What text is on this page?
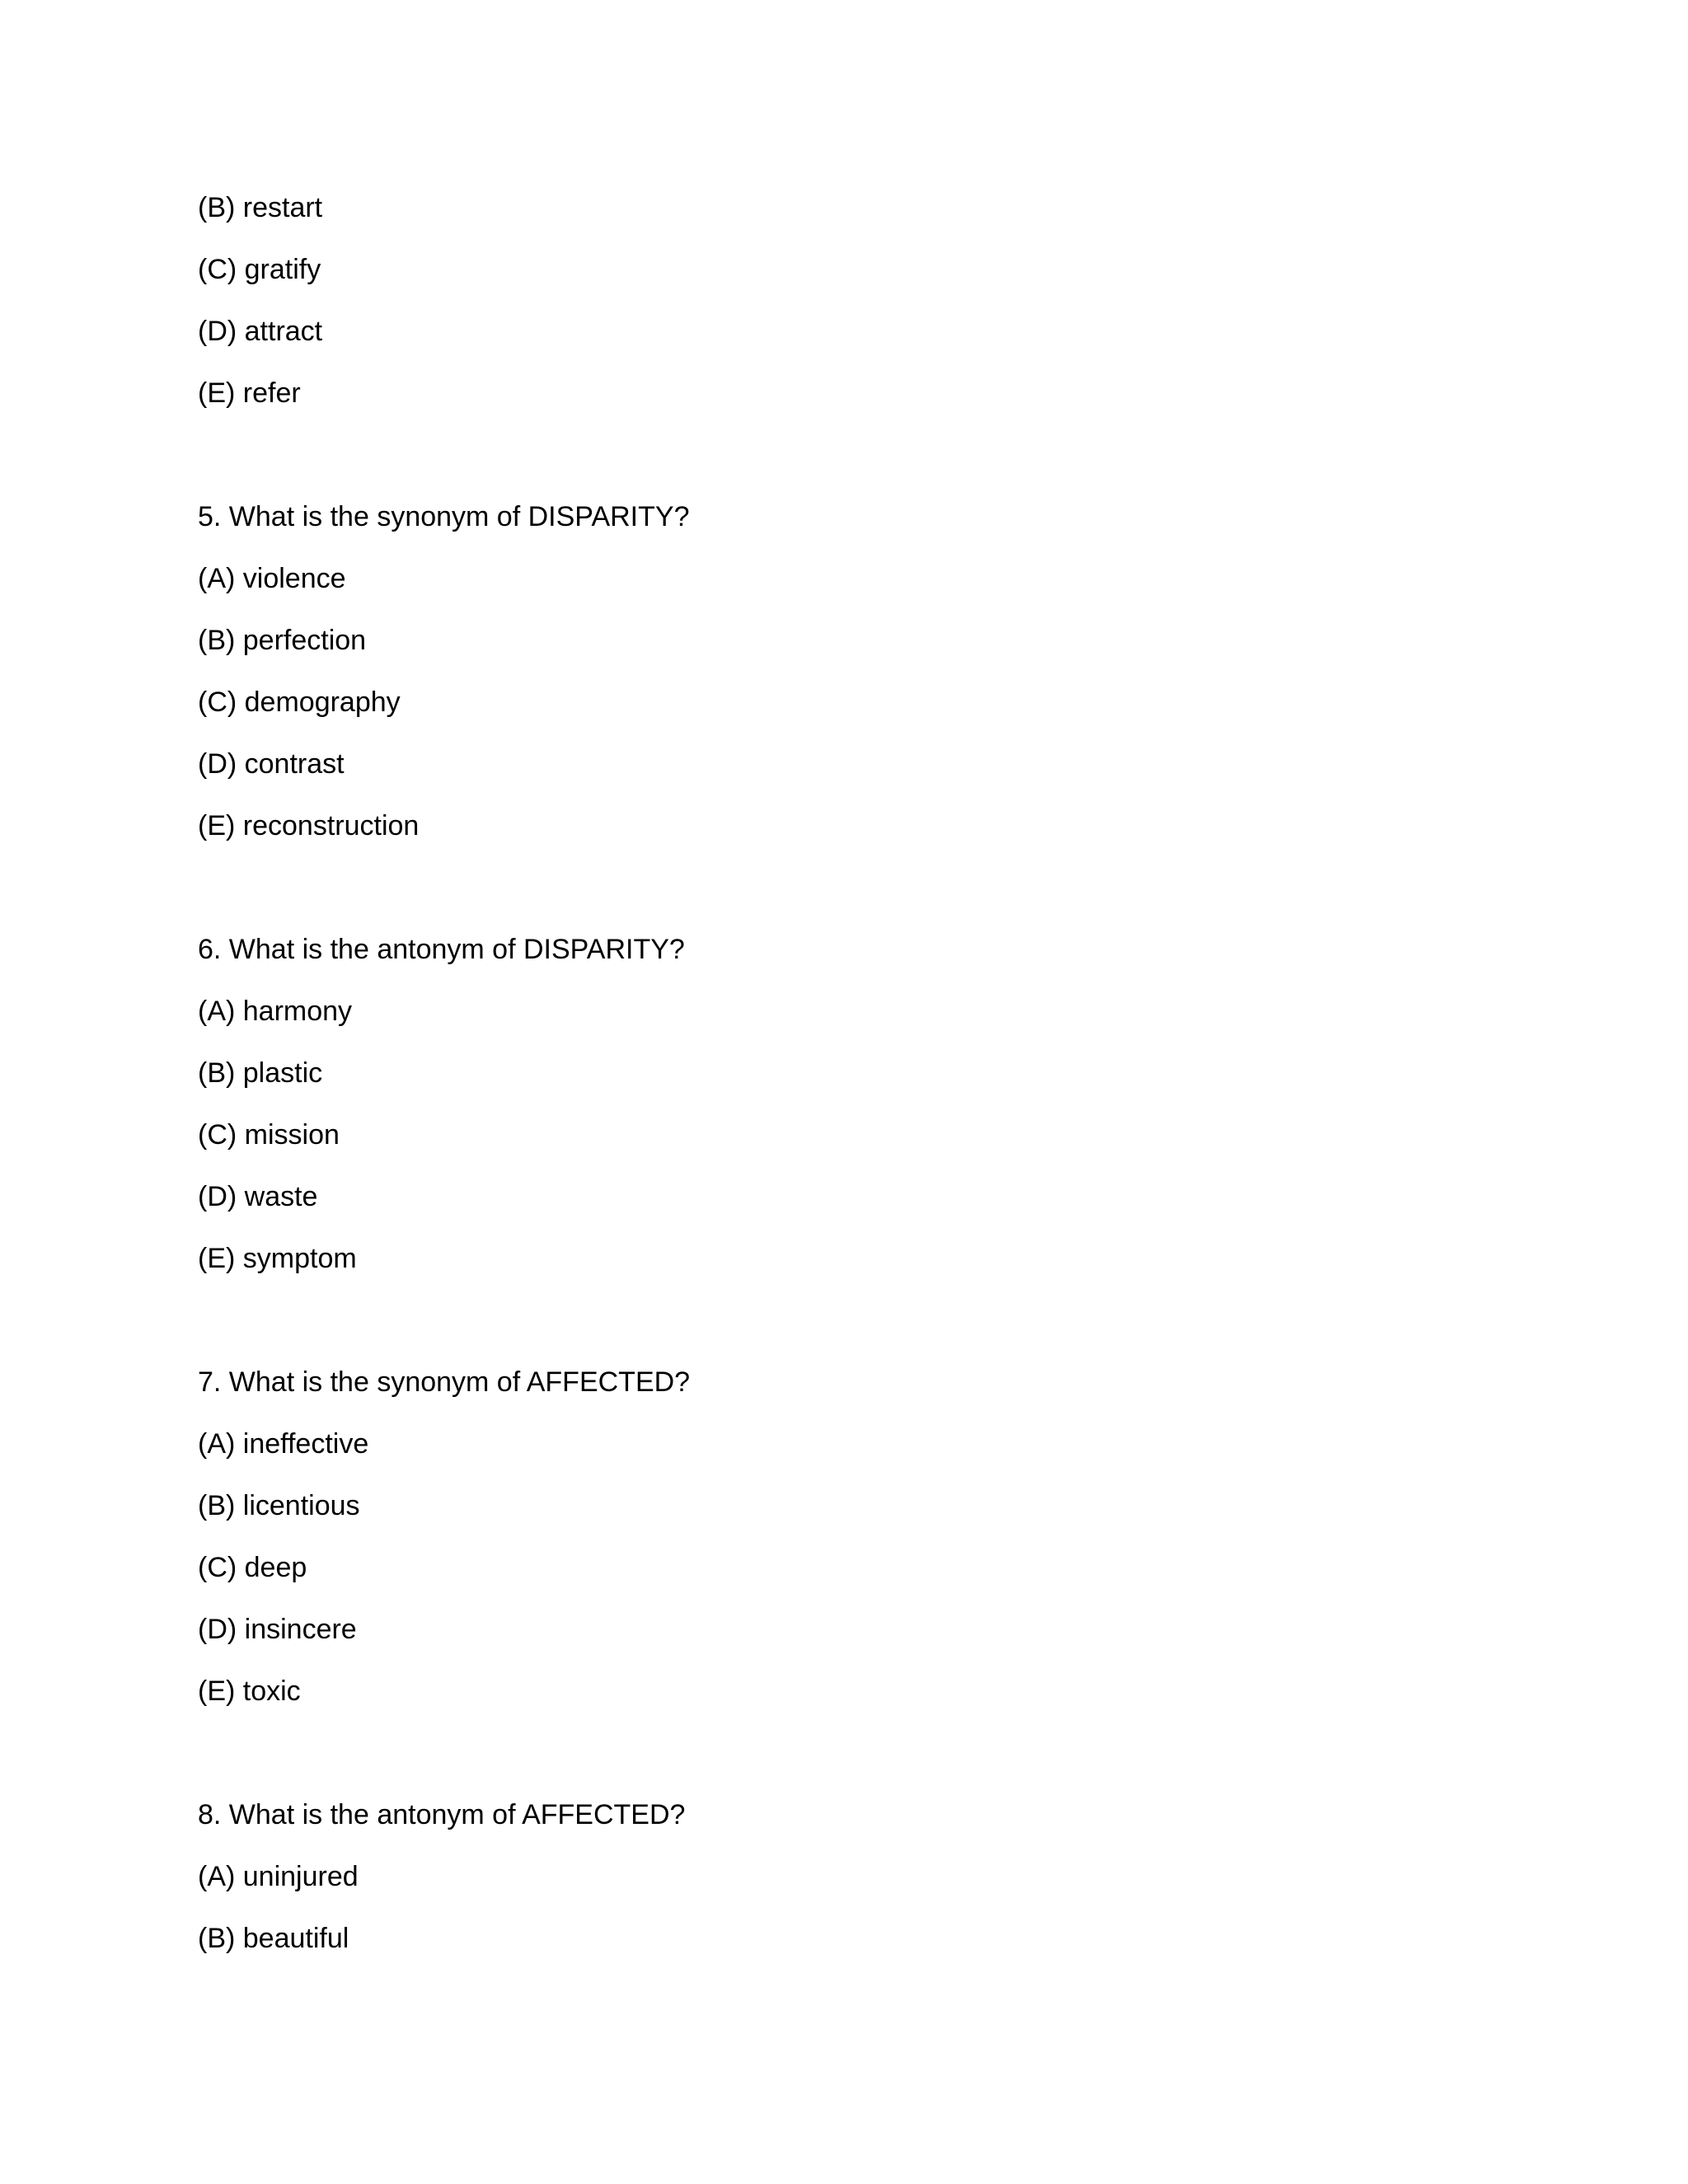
(B) restart
(C) gratify
(D) attract
(E) refer
5. What is the synonym of DISPARITY?
(A) violence
(B) perfection
(C) demography
(D) contrast
(E) reconstruction
6. What is the antonym of DISPARITY?
(A) harmony
(B) plastic
(C) mission
(D) waste
(E) symptom
7. What is the synonym of AFFECTED?
(A) ineffective
(B) licentious
(C) deep
(D) insincere
(E) toxic
8. What is the antonym of AFFECTED?
(A) uninjured
(B) beautiful
